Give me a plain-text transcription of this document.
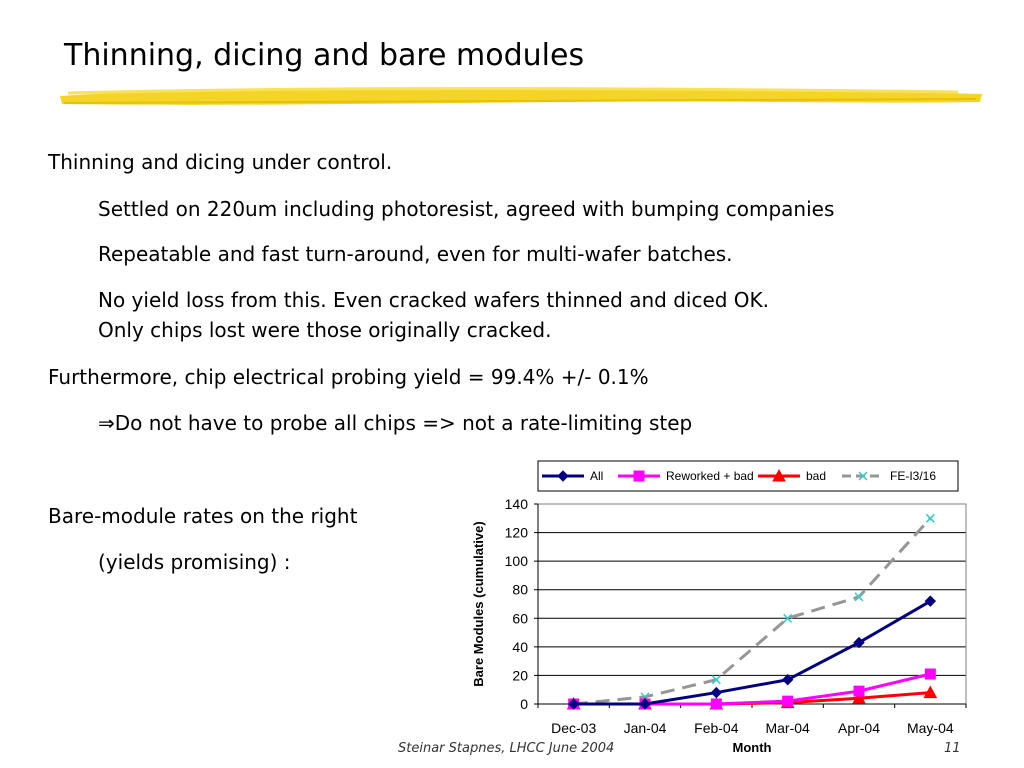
Thinning, dicing and bare modules
Thinning and dicing under control.
Settled on 220um including photoresist, agreed with bumping companies
Repeatable and fast turn-around, even for multi-wafer batches.
No yield loss from this. Even cracked wafers thinned and diced OK.
Only chips lost were those originally cracked.
Furthermore, chip electrical probing yield = 99.4% +/- 0.1%
⇒Do not have to probe all chips => not a rate-limiting step
Bare-module rates on the right
(yields promising) :
All	Reworked + bad	bad	FE-I3/16
0
20
40
60
80
100
120
140
Dec-03 Jan-04 Feb-04 Mar-04 Apr-04 May-04
Bare Modules (cumulative)
Month
Steinar Stapnes, LHCC June 2004	11
